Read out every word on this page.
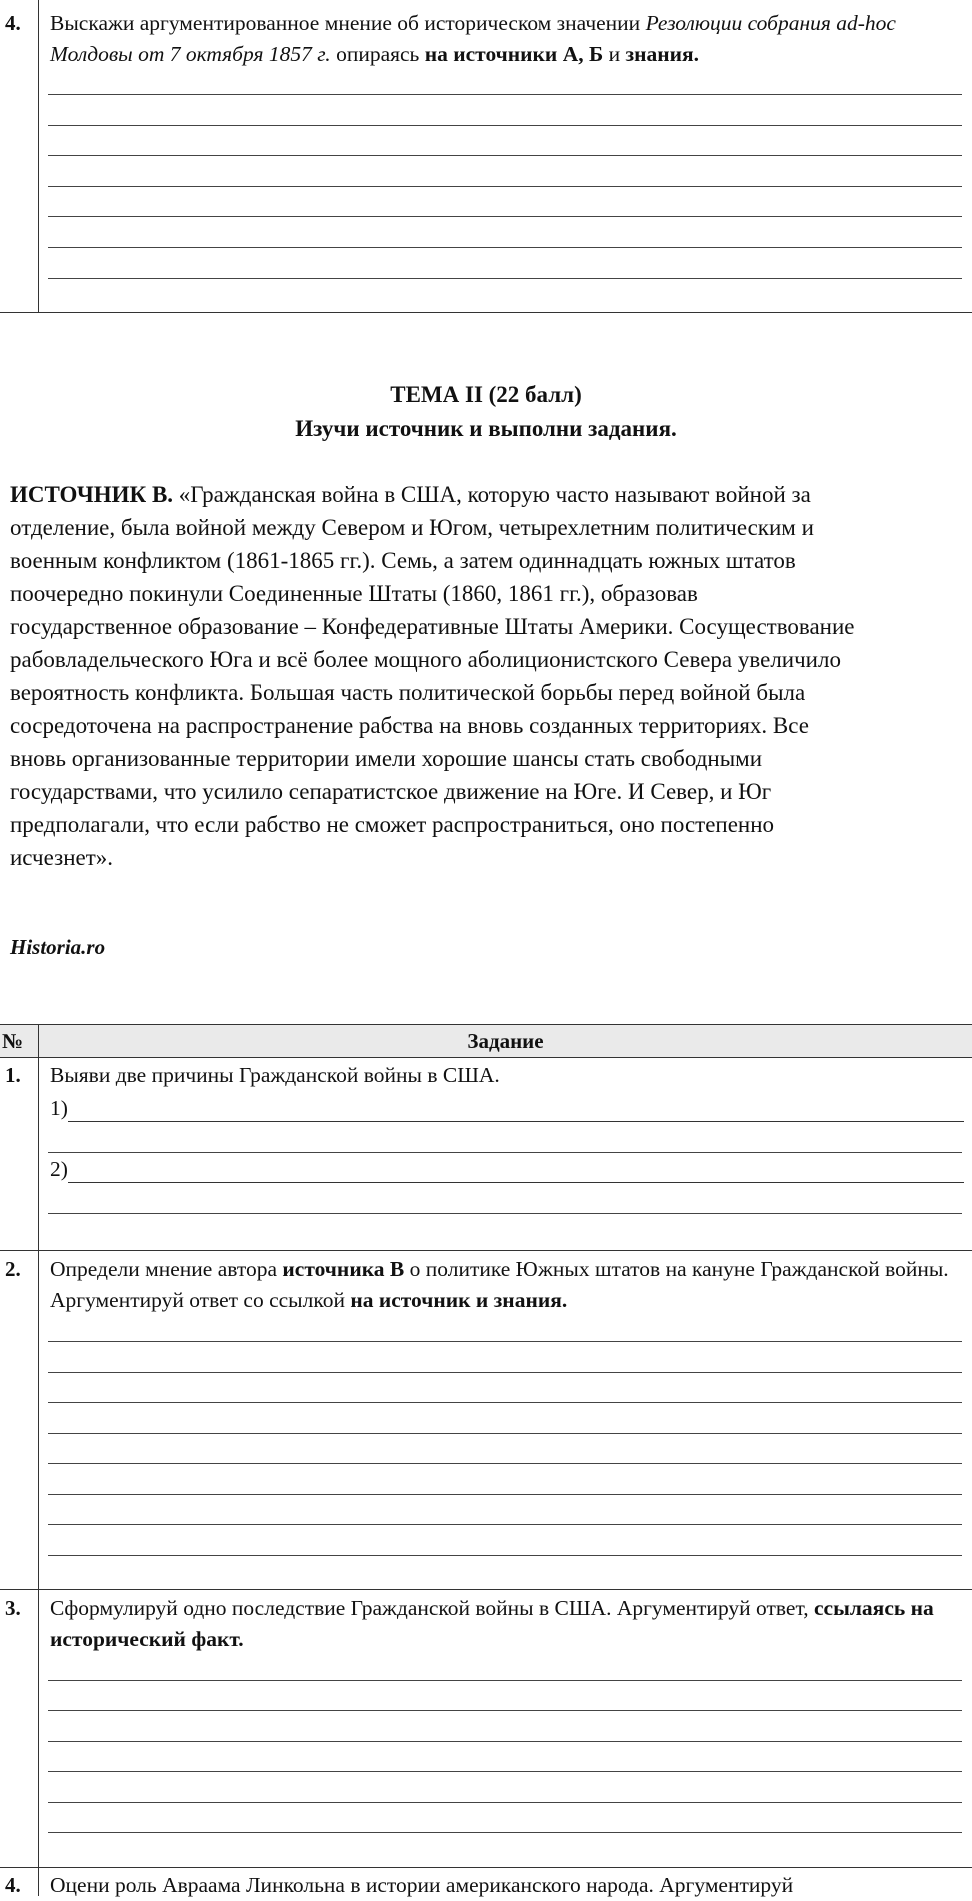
4. Выскажи аргументированное мнение об историческом значении Резолюции собрания ad-hoc Молдовы от 7 октября 1857 г. опираясь на источники А, Б и знания.
ТЕМА II (22 балл)
Изучи источник и выполни задания.
ИСТОЧНИК В. «Гражданская война в США, которую часто называют войной за отделение, была войной между Севером и Югом, четырехлетним политическим и военным конфликтом (1861-1865 гг.). Семь, а затем одиннадцать южных штатов поочередно покинули Соединенные Штаты (1860, 1861 гг.), образовав государственное образование – Конфедеративные Штаты Америки. Сосуществование рабовладельческого Юга и всё более мощного аболиционистского Севера увеличило вероятность конфликта. Большая часть политической борьбы перед войной была сосредоточена на распространение рабства на вновь созданных территориях. Все вновь организованные территории имели хорошие шансы стать свободными государствами, что усилило сепаратистское движение на Юге. И Север, и Юг предполагали, что если рабство не сможет распространиться, оно постепенно исчезнет».
Historia.ro
№	Задание
1. Выяви две причины Гражданской войны в США.
1)
2)
2. Определи мнение автора источника В о политике Южных штатов на кануне Гражданской войны. Аргументируй ответ со ссылкой на источник и знания.
3. Сформулируй одно последствие Гражданской войны в США. Аргументируй ответ, ссылаясь на исторический факт.
4. Оцени роль Авраама Линкольна в истории американского народа. Аргументируй
